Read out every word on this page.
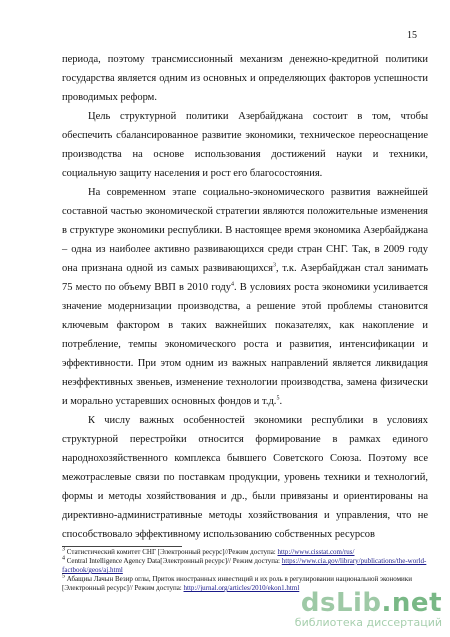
15

периода, поэтому трансмиссионный механизм денежно-кредитной политики государства является одним из основных и определяющих факторов успешности проводимых реформ.

Цель структурной политики Азербайджана состоит в том, чтобы обеспечить сбалансированное развитие экономики, техническое переоснащение производства на основе использования достижений науки и техники, социальную защиту населения и рост его благосостояния.

На современном этапе социально-экономического развития важнейшей составной частью экономической стратегии являются положительные изменения в структуре экономики республики. В настоящее время экономика Азербайджана – одна из наиболее активно развивающихся среди стран СНГ. Так, в 2009 году она признана одной из самых развивающихся$^3$, т.к. Азербайджан стал занимать 75 место по объему ВВП в 2010 году$^4$. В условиях роста экономики усиливается значение модернизации производства, а решение этой проблемы становится ключевым фактором в таких важнейших показателях, как накопление и потребление, темпы экономического роста и развития, интенсификации и эффективности. При этом одним из важных направлений является ликвидация неэффективных звеньев, изменение технологии производства, замена физически и морально устаревших основных фондов и т.д.$^5$.

К числу важных особенностей экономики республики в условиях структурной перестройки относится формирование в рамках единого народнохозяйственного комплекса бывшего Советского Союза. Поэтому все межотраслевые связи по поставкам продукции, уровень техники и технологий, формы и методы хозяйствования и др., были привязаны и ориентированы на директивно-административные методы хозяйствования и управления, что не способствовало эффективному использованию собственных ресурсов

$^3$ Статистический комитет СНГ [Электронный ресурс]//Режим доступа: http://www.cisstat.com/rus/

$^4$ Central Intelligence Agency Data[Электронный ресурс]// Режим доступа: https://www.cia.gov/library/publications/the-world-factbook/geos/aj.html

$^5$ Абащиы Лачын Везир оглы, Приток иностранных инвестиций и их роль в регулировании национальной экономики [Электронный ресурс]// Режим доступа: http://jurnal.org/articles/2010/ekon1.html dsLib.net
библиотека диссертаций
